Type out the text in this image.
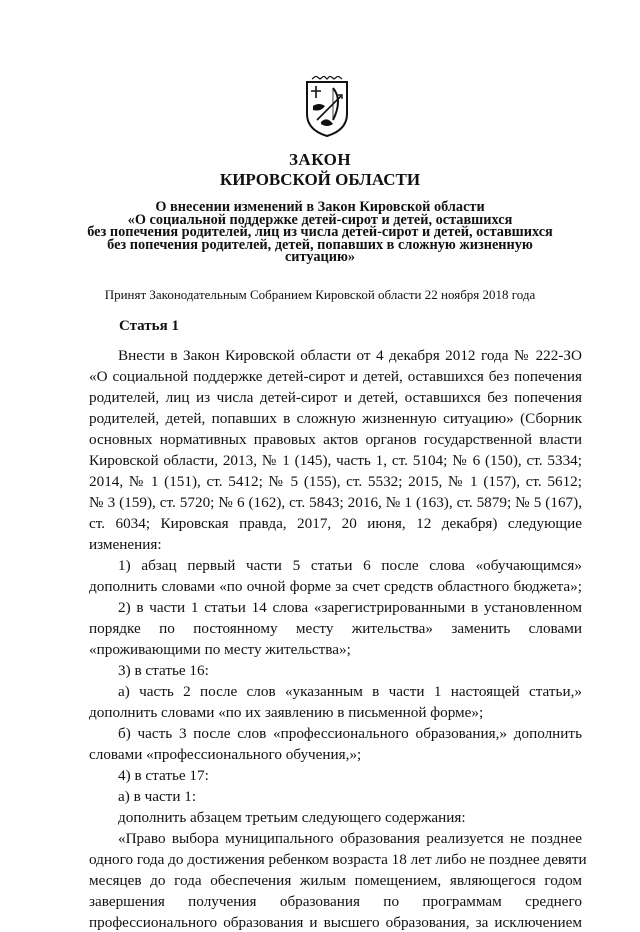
ЗАКОН
КИРОВСКОЙ ОБЛАСТИ
О внесении изменений в Закон Кировской области
«О социальной поддержке детей-сирот и детей, оставшихся
без попечения родителей, лиц из числа детей-сирот и детей, оставшихся
без попечения родителей, детей, попавших в сложную жизненную
ситуацию»
Принят Законодательным Собранием Кировской области 22 ноября 2018 года
Статья 1
Внести в Закон Кировской области от 4 декабря 2012 года № 222-ЗО
«О социальной поддержке детей-сирот и детей, оставшихся без попечения
родителей, лиц из числа детей-сирот и детей, оставшихся без попечения
родителей, детей, попавших в сложную жизненную ситуацию» (Сборник
основных нормативных правовых актов органов государственной власти
Кировской области, 2013, № 1 (145), часть 1, ст. 5104; № 6 (150), ст. 5334;
2014, № 1 (151), ст. 5412; № 5 (155), ст. 5532; 2015, № 1 (157), ст. 5612;
№ 3 (159), ст. 5720; № 6 (162), ст. 5843; 2016, № 1 (163), ст. 5879; № 5 (167),
ст. 6034; Кировская правда, 2017, 20 июня, 12 декабря) следующие
изменения:
1) абзац первый части 5 статьи 6 после слова «обучающимся»
дополнить словами «по очной форме за счет средств областного бюджета»;
2) в части 1 статьи 14 слова «зарегистрированными в установленном
порядке по постоянному месту жительства» заменить словами
«проживающими по месту жительства»;
3) в статье 16:
а) часть 2 после слов «указанным в части 1 настоящей статьи,»
дополнить словами «по их заявлению в письменной форме»;
б) часть 3 после слов «профессионального образования,» дополнить
словами «профессионального обучения,»;
4) в статье 17:
а) в части 1:
дополнить абзацем третьим следующего содержания:
«Право выбора муниципального образования реализуется не позднее
одного года до достижения ребенком возраста 18 лет либо не позднее девяти
месяцев до года обеспечения жилым помещением, являющегося годом
завершения получения образования по программам среднего
профессионального образования и высшего образования, за исключением
